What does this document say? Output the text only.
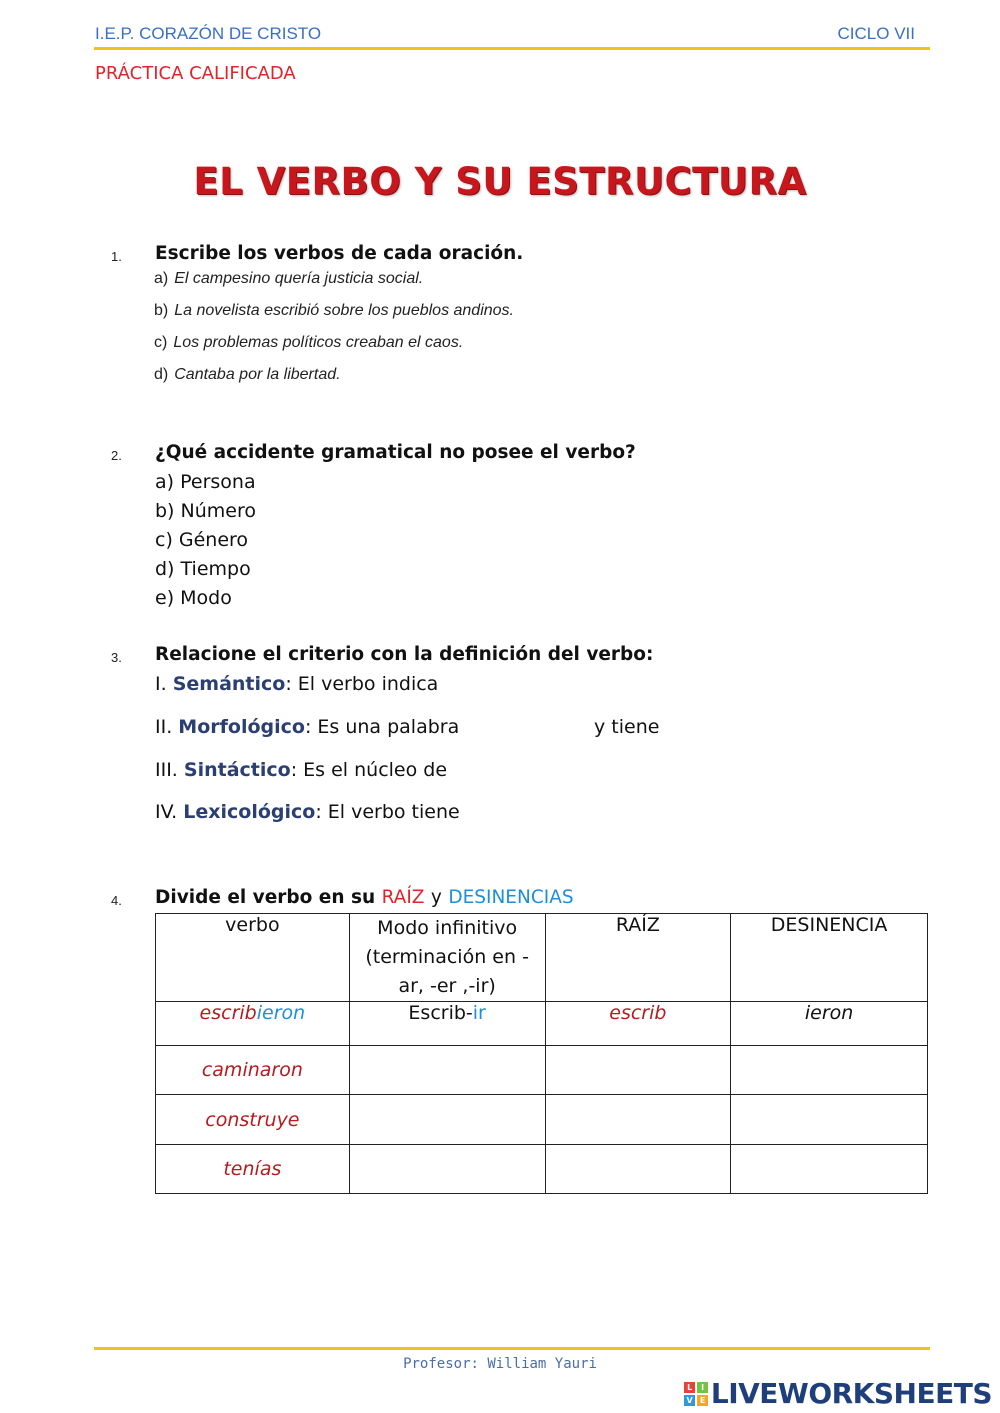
I.E.P. CORAZÓN DE CRISTO	CICLO VII
PRÁCTICA CALIFICADA
EL VERBO Y SU ESTRUCTURA
1. Escribe los verbos de cada oración.
a) El campesino quería justicia social.
b) La novelista escribió sobre los pueblos andinos.
c) Los problemas políticos creaban el caos.
d) Cantaba por la libertad.
2. ¿Qué accidente gramatical no posee el verbo?
a) Persona
b) Número
c) Género
d) Tiempo
e) Modo
3. Relacione el criterio con la definición del verbo:
I. Semántico: El verbo indica
II. Morfológico: Es una palabra	y tiene
III. Sintáctico: Es el núcleo de
IV. Lexicológico: El verbo tiene
4. Divide el verbo en su RAÍZ y DESINENCIAS
verbo	Modo infinitivo (terminación en -ar, -er ,-ir)	RAÍZ	DESINENCIA
escribieron	Escrib-ir	escrib	ieron
caminaron			
construye			
tenías			
Profesor: William Yauri
L	I
V E LIVEWORKSHEETS
